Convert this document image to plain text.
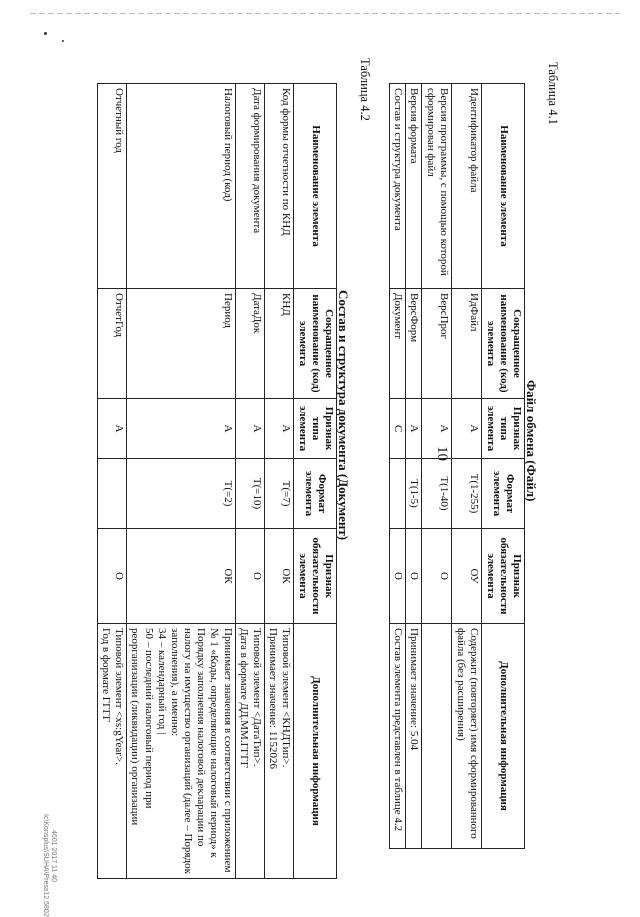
10
Таблица 4.1
Файл обмена (Файл)
Наименование элемента	Сокращенное наименование (код) элемента	Признак типа элемента	Формат элемента	Признак обязательности элемента	Дополнительная информация
Идентификатор файла	ИдФайл	А	T(1-255)	ОУ	Содержит (повторяет) имя сформированного файла (без расширения)
Версия программы, с помощью которой сформирован файл	ВерсПрог	А	T(1-40)	О	
Версия формата	ВерсФорм	А	T(1-5)	О	Принимает значение: 5.04
Состав и структура документа	Документ	С		О	Состав элемента представлен в таблице 4.2
Таблица 4.2
Состав и структура документа (Документ)
Наименование элемента	Сокращенное наименование (код) элемента	Признак типа элемента	Формат элемента	Признак обязательности элемента	Дополнительная информация
Код формы отчетности по КНД	КНД	А	T(=7)	ОК	Типовой элемент <КНДТип>.
Принимает значение: 1152026
Дата формирования документа	ДатаДок	А	T(=10)	О	Типовой элемент <ДатаТип>.
Дата в формате ДД.ММ.ГГГГ
Налоговый период (код)	Период	А	T(=2)	ОК	Принимает значения в соответствии с приложением № 1 «Коды, определяющие налоговый период» к Порядку заполнения налоговой декларации по налогу на имущество организаций (далее – Порядок заполнения), а именно:
34 – календарный год |
50 – последний налоговый период при реорганизации (ликвидации) организации
Отчетный год	ОтчетГод	А		О	Типовой элемент <xs:gYear>.
Год в формате ГГГГ
4601 2017 11 40
Ic\Konsplus\SUHA\Press12.5802
